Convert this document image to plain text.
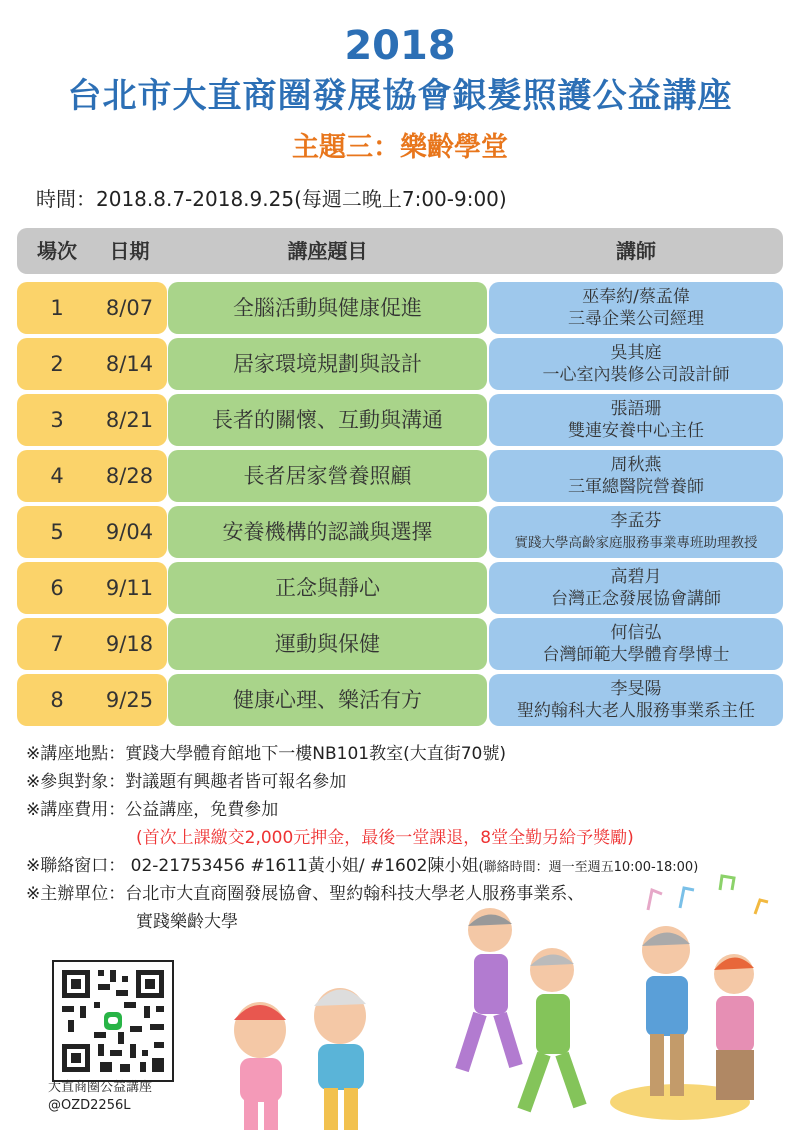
2018
台北市大直商圈發展協會銀髮照護公益講座
主題三：樂齡學堂
時間：2018.8.7-2018.9.25(每週二晚上7:00-9:00)
場次	日期	講座題目	講師
1	8/07	全腦活動與健康促進	巫奉約/蔡孟偉
三尋企業公司經理
2	8/14	居家環境規劃與設計	吳其庭
一心室內裝修公司設計師
3	8/21	長者的關懷、互動與溝通	張語珊
雙連安養中心主任
4	8/28	長者居家營養照顧	周秋燕
三軍總醫院營養師
5	9/04	安養機構的認識與選擇	李孟芬
實踐大學高齡家庭服務事業專班助理教授
6	9/11	正念與靜心	高碧月
台灣正念發展協會講師
7	9/18	運動與保健	何信弘
台灣師範大學體育學博士
8	9/25	健康心理、樂活有方	李旻陽
聖約翰科大老人服務事業系主任
※講座地點：實踐大學體育館地下一樓NB101教室(大直街70號)
※參與對象：對議題有興趣者皆可報名參加
※講座費用：公益講座，免費參加
(首次上課繳交2,000元押金，最後一堂課退，8堂全勤另給予獎勵)
※聯絡窗口： 02-21753456 #1611黃小姐/ #1602陳小姐(聯絡時間：週一至週五10:00-18:00)
※主辦單位：台北市大直商圈發展協會、聖約翰科技大學老人服務事業系、
實踐樂齡大學
大直商圈公益講座
@OZD2256L
